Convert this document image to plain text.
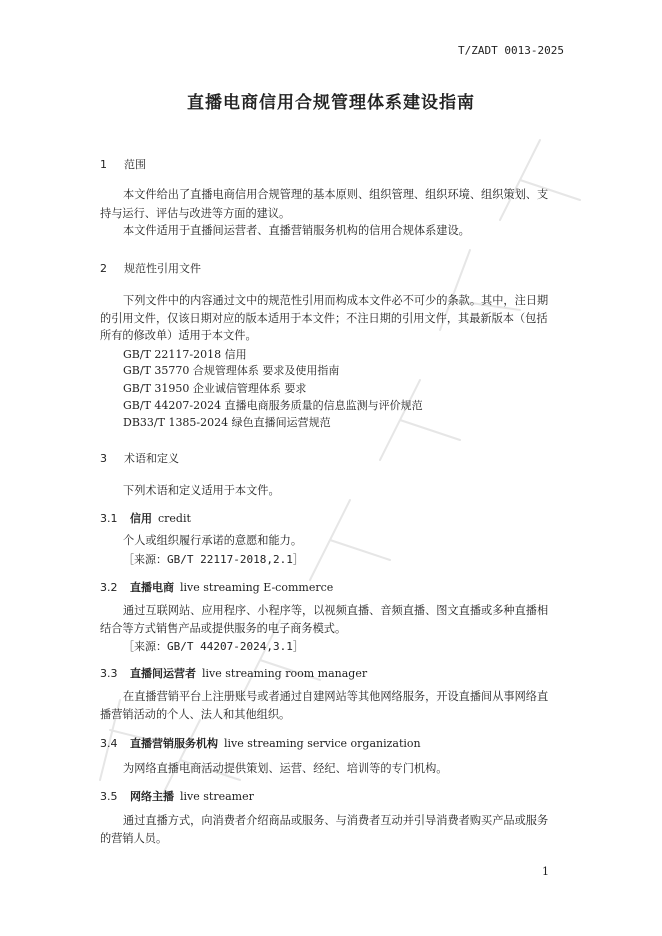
T/ZADT 0013-2025
直播电商信用合规管理体系建设指南
1 范围
本文件给出了直播电商信用合规管理的基本原则、组织管理、组织环境、组织策划、支
持与运行、评估与改进等方面的建议。
本文件适用于直播间运营者、直播营销服务机构的信用合规体系建设。
2 规范性引用文件
下列文件中的内容通过文中的规范性引用而构成本文件必不可少的条款。其中，注日期
的引用文件，仅该日期对应的版本适用于本文件；不注日期的引用文件，其最新版本（包括
所有的修改单）适用于本文件。
GB/T 22117-2018 信用
GB/T 35770 合规管理体系 要求及使用指南
GB/T 31950 企业诚信管理体系 要求
GB/T 44207-2024 直播电商服务质量的信息监测与评价规范
DB33/T 1385-2024 绿色直播间运营规范
3 术语和定义
下列术语和定义适用于本文件。
3.1 信用 credit
个人或组织履行承诺的意愿和能力。
［来源：GB/T 22117-2018,2.1］
3.2 直播电商 live streaming E-commerce
通过互联网站、应用程序、小程序等，以视频直播、音频直播、图文直播或多种直播相
结合等方式销售产品或提供服务的电子商务模式。
［来源：GB/T 44207-2024,3.1］
3.3 直播间运营者 live streaming room manager
在直播营销平台上注册账号或者通过自建网站等其他网络服务，开设直播间从事网络直
播营销活动的个人、法人和其他组织。
3.4 直播营销服务机构 live streaming service organization
为网络直播电商活动提供策划、运营、经纪、培训等的专门机构。
3.5 网络主播 live streamer
通过直播方式，向消费者介绍商品或服务、与消费者互动并引导消费者购买产品或服务
的营销人员。
1
